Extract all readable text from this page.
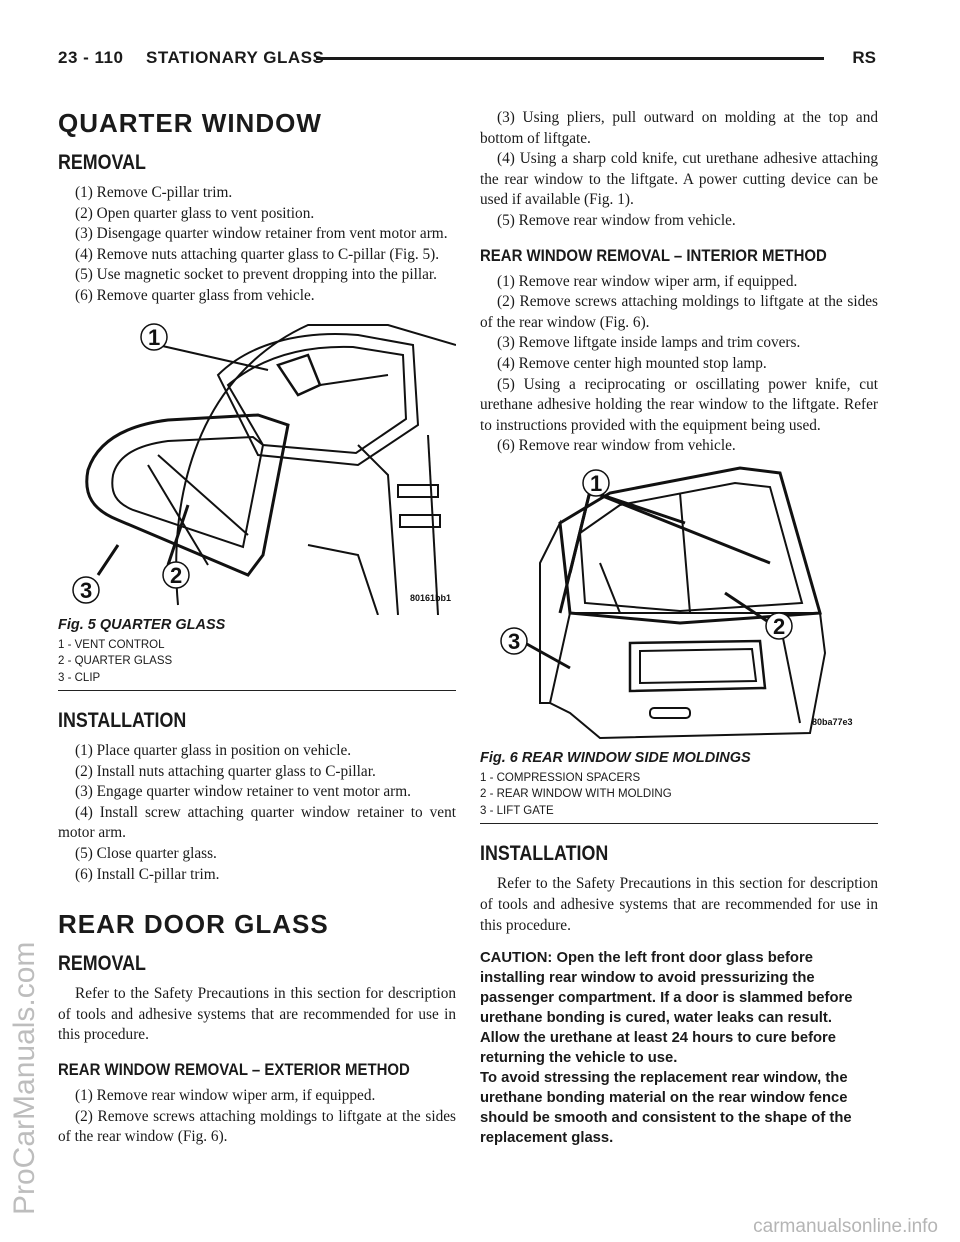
23 - 110 STATIONARY GLASS	RS
QUARTER WINDOW
REMOVAL

(1) Remove C-pillar trim.

(2) Open quarter glass to vent position.

(3) Disengage quarter window retainer from vent motor arm.

(4) Remove nuts attaching quarter glass to C-pillar (Fig. 5).

(5) Use magnetic socket to prevent dropping into the pillar.

(6) Remove quarter glass from vehicle.

1
2
3	80161bb1
Fig. 5 QUARTER GLASS
1 - VENT CONTROL
2 - QUARTER GLASS
3 - CLIP
INSTALLATION

(1) Place quarter glass in position on vehicle.

(2) Install nuts attaching quarter glass to C-pillar.

(3) Engage quarter window retainer to vent motor arm.

(4) Install screw attaching quarter window retainer to vent motor arm.

(5) Close quarter glass.

(6) Install C-pillar trim.

REAR DOOR GLASS
REMOVAL

Refer to the Safety Precautions in this section for description of tools and adhesive systems that are recommended for use in this procedure.

REAR WINDOW REMOVAL – EXTERIOR METHOD

(1) Remove rear window wiper arm, if equipped.

(2) Remove screws attaching moldings to liftgate at the sides of the rear window (Fig. 6).

(3) Using pliers, pull outward on molding at the top and bottom of liftgate.

(4) Using a sharp cold knife, cut urethane adhesive attaching the rear window to the liftgate. A power cutting device can be used if available (Fig. 1).

(5) Remove rear window from vehicle.

REAR WINDOW REMOVAL – INTERIOR METHOD

(1) Remove rear window wiper arm, if equipped.

(2) Remove screws attaching moldings to liftgate at the sides of the rear window (Fig. 6).

(3) Remove liftgate inside lamps and trim covers.

(4) Remove center high mounted stop lamp.

(5) Using a reciprocating or oscillating power knife, cut urethane adhesive holding the rear window to the liftgate. Refer to instructions provided with the equipment being used.

(6) Remove rear window from vehicle.

1
2
3
80ba77e3
Fig. 6 REAR WINDOW SIDE MOLDINGS
1 - COMPRESSION SPACERS
2 - REAR WINDOW WITH MOLDING
3 - LIFT GATE
INSTALLATION

Refer to the Safety Precautions in this section for description of tools and adhesive systems that are recommended for use in this procedure.

CAUTION: Open the left front door glass before installing rear window to avoid pressurizing the passenger compartment. If a door is slammed before urethane bonding is cured, water leaks can result.

Allow the urethane at least 24 hours to cure before returning the vehicle to use.

To avoid stressing the replacement rear window, the urethane bonding material on the rear window fence should be smooth and consistent to the shape of the replacement glass.

ProCarManuals.com
carmanualsonline.info
